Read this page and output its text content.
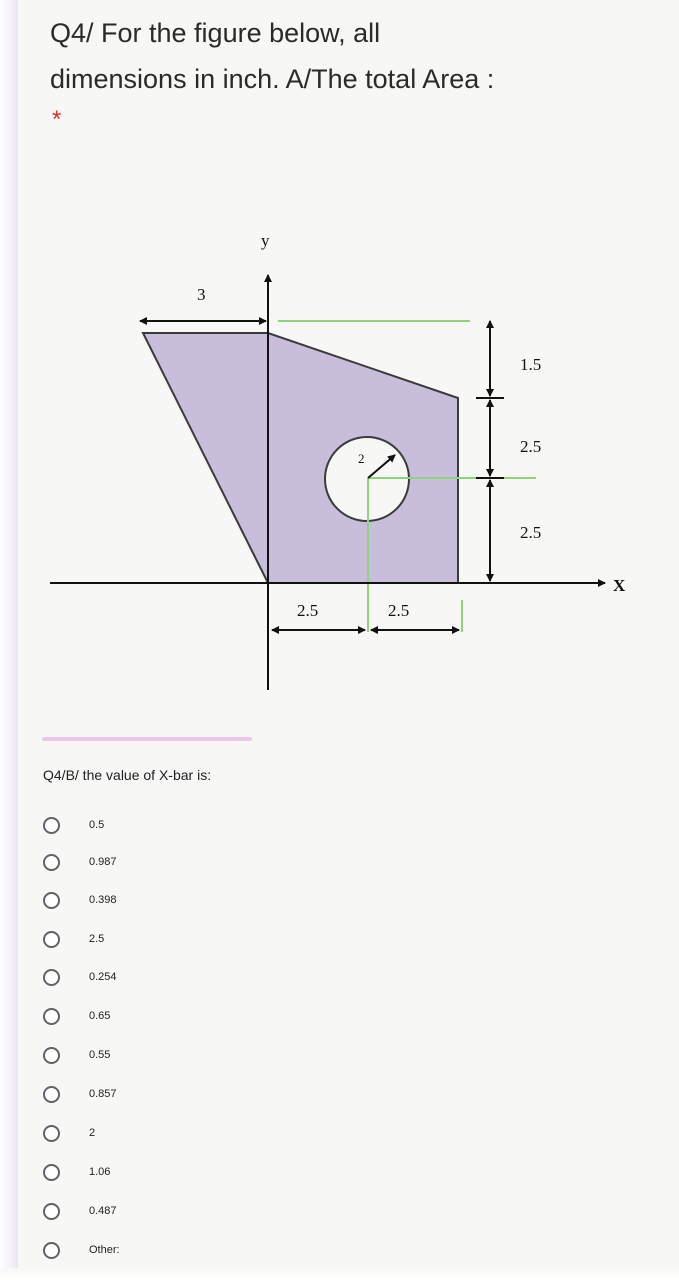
Q4/ For the figure below, all
dimensions in inch. A/The total Area :
*
2
X
y
3
1.5
2.5
2.5
2.5	2.5
Q4/B/ the value of X-bar is:
0.5
0.987
0.398
2.5
0.254
0.65
0.55
0.857
2
1.06
0.487
Other:
